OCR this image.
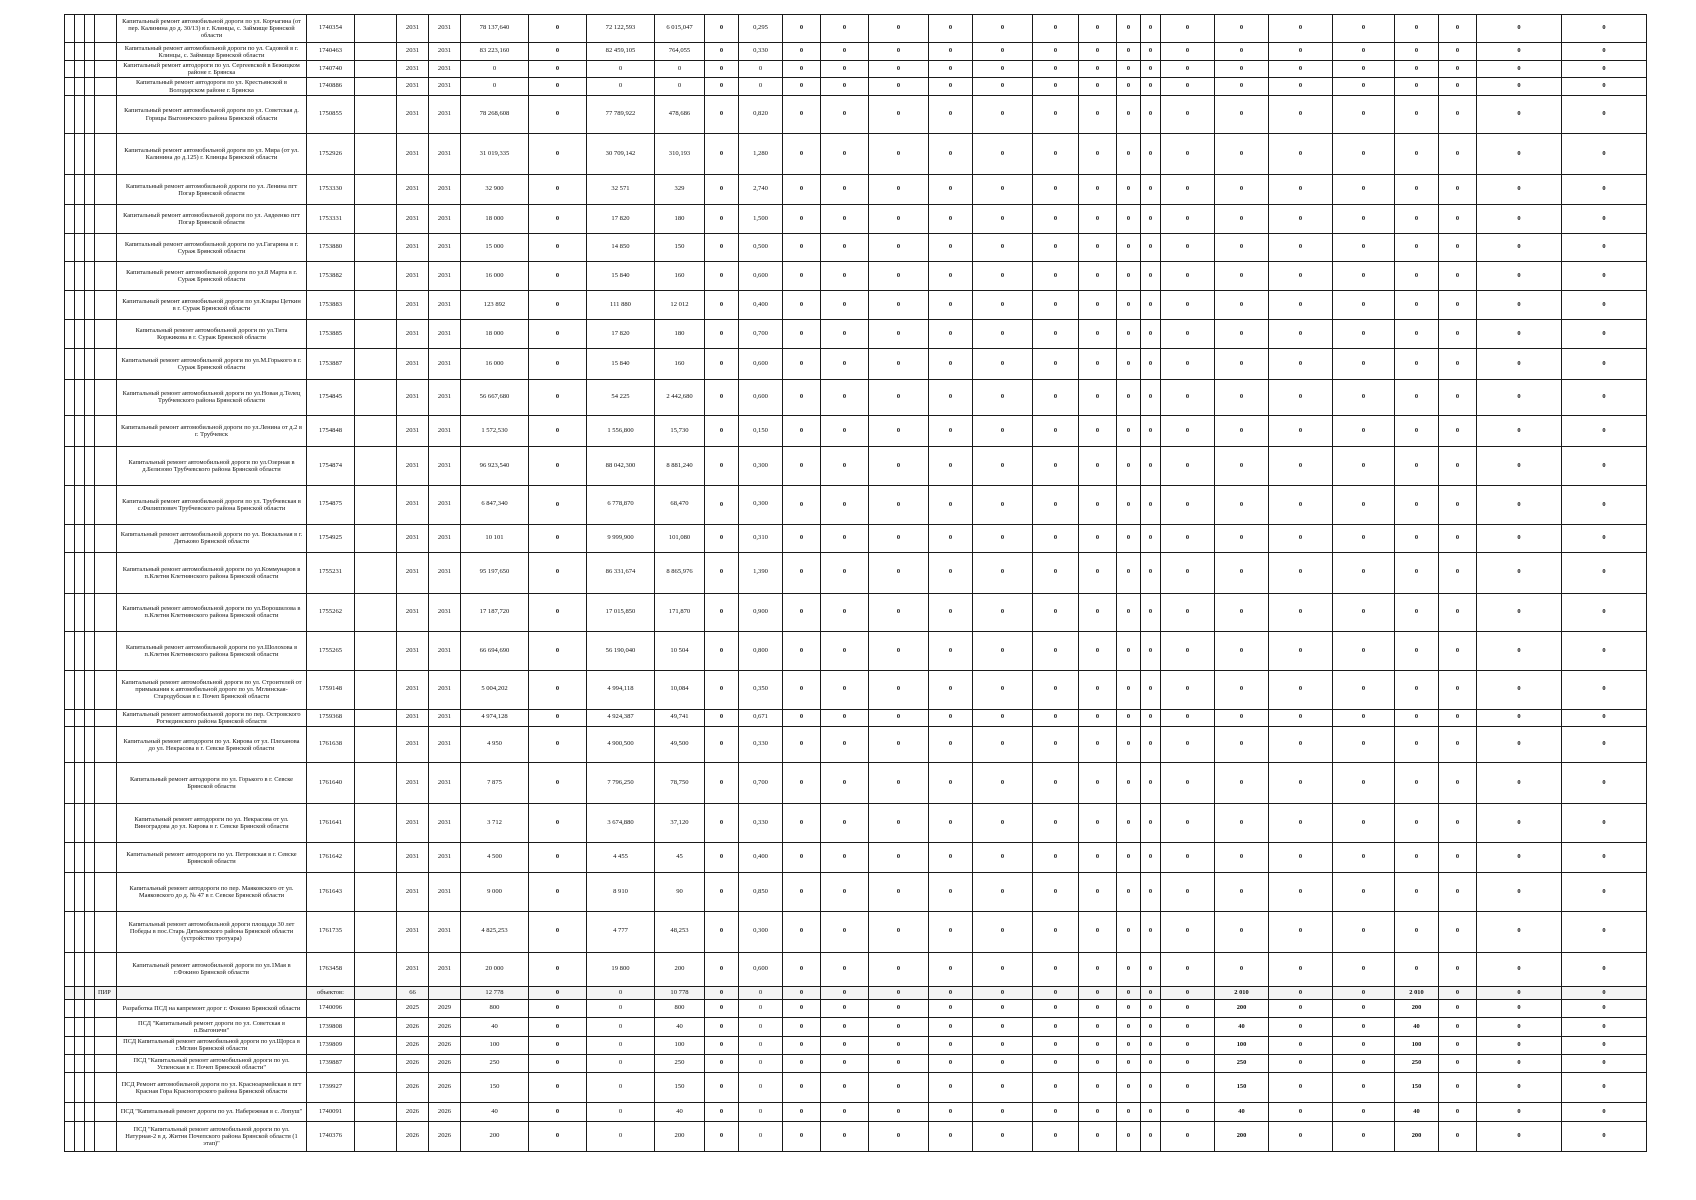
				Капитальный ремонт автомобильной дороги по ул. Корчагина (от пер. Калинина до д. 30/13) в г. Клинцы, с. Займище Брянской области	1740354		2031	2031	78 137,640	0	72 122,593	6 015,047	0	0,295	0	0	0	0	0	0	0	0	0	0	0	0	0	0	0	0	0
				Капитальный ремонт автомобильной дороги по ул. Садовой в г. Клинцы, с. Займище Брянской области	1740463		2031	2031	83 223,160	0	82 459,105	764,055	0	0,330	0	0	0	0	0	0	0	0	0	0	0	0	0	0	0	0	0
				Капитальный ремонт автодороги по ул. Сергеевской в Бежицком районе г. Брянска	1740740		2031	2031	0	0	0	0	0	0	0	0	0	0	0	0	0	0	0	0	0	0	0	0	0	0	0
				Капитальный ремонт автодороги по ул. Крестьянской в Володарском районе г. Брянска	1740886		2031	2031	0	0	0	0	0	0	0	0	0	0	0	0	0	0	0	0	0	0	0	0	0	0	0
				Капитальный ремонт автомобильной дороги по ул. Советская д. Горицы Выгоничского района Брянской области	1750855		2031	2031	78 268,608	0	77 789,922	478,686	0	0,820	0	0	0	0	0	0	0	0	0	0	0	0	0	0	0	0	0
				Капитальный ремонт автомобильной дороги по ул. Мира (от ул. Калинина до д.125) г. Клинцы Брянской области	1752926		2031	2031	31 019,335	0	30 709,142	310,193	0	1,280	0	0	0	0	0	0	0	0	0	0	0	0	0	0	0	0	0
				Капитальный ремонт автомобильной дороги по ул. Ленина пгт Погар Брянской области	1753330		2031	2031	32 900	0	32 571	329	0	2,740	0	0	0	0	0	0	0	0	0	0	0	0	0	0	0	0	0
				Капитальный ремонт автомобильной дороги по ул. Авдеенко пгт Погар Брянской области	1753331		2031	2031	18 000	0	17 820	180	0	1,500	0	0	0	0	0	0	0	0	0	0	0	0	0	0	0	0	0
				Капитальный ремонт автомобильной дороги по ул.Гагарина в г. Сураж Брянской области	1753880		2031	2031	15 000	0	14 850	150	0	0,500	0	0	0	0	0	0	0	0	0	0	0	0	0	0	0	0	0
				Капитальный ремонт автомобильной дороги по ул.8 Марта в г. Сураж Брянской области	1753882		2031	2031	16 000	0	15 840	160	0	0,600	0	0	0	0	0	0	0	0	0	0	0	0	0	0	0	0	0
				Капитальный ремонт автомобильной дороги по ул.Клары Цеткин в г. Сураж Брянской области	1753883		2031	2031	123 892	0	111 880	12 012	0	0,400	0	0	0	0	0	0	0	0	0	0	0	0	0	0	0	0	0
				Капитальный ремонт автомобильной дороги по ул.Тита Коржикова в г. Сураж Брянской области	1753885		2031	2031	18 000	0	17 820	180	0	0,700	0	0	0	0	0	0	0	0	0	0	0	0	0	0	0	0	0
				Капитальный ремонт автомобильной дороги по ул.М.Горького в г. Сураж Брянской области	1753887		2031	2031	16 000	0	15 840	160	0	0,600	0	0	0	0	0	0	0	0	0	0	0	0	0	0	0	0	0
				Капитальный ремонт автомобильной дороги по ул.Новая д.Телец Трубчевского района Брянской области	1754845		2031	2031	56 667,680	0	54 225	2 442,680	0	0,600	0	0	0	0	0	0	0	0	0	0	0	0	0	0	0	0	0
				Капитальный ремонт автомобильной дороги по ул.Ленина от д.2 в г. Трубчевск	1754848		2031	2031	1 572,530	0	1 556,800	15,730	0	0,150	0	0	0	0	0	0	0	0	0	0	0	0	0	0	0	0	0
				Капитальный ремонт автомобильной дороги по ул.Озерная в д.Белизово Трубчевского района Брянской области	1754874		2031	2031	96 923,540	0	88 042,300	8 881,240	0	0,300	0	0	0	0	0	0	0	0	0	0	0	0	0	0	0	0	0
				Капитальный ремонт автомобильной дороги по ул. Трубчевская в с.Филиппович Трубчевского района Брянской области	1754875		2031	2031	6 847,340	0	6 778,870	68,470	0	0,300	0	0	0	0	0	0	0	0	0	0	0	0	0	0	0	0	0
				Капитальный ремонт автомобильной дороги по ул. Вокзальная в г. Дятьково Брянской области	1754925		2031	2031	10 101	0	9 999,900	101,080	0	0,310	0	0	0	0	0	0	0	0	0	0	0	0	0	0	0	0	0
				Капитальный ремонт автомобильной дороги по ул.Коммунаров в п.Клетня Клетнянского района Брянской области	1755231		2031	2031	95 197,650	0	86 331,674	8 865,976	0	1,390	0	0	0	0	0	0	0	0	0	0	0	0	0	0	0	0	0
				Капитальный ремонт автомобильной дороги по ул.Ворошилова в п.Клетня Клетнянского района Брянской области	1755262		2031	2031	17 187,720	0	17 015,850	171,870	0	0,900	0	0	0	0	0	0	0	0	0	0	0	0	0	0	0	0	0
				Капитальный ремонт автомобильной дороги по ул.Шолохова в п.Клетня Клетнянского района Брянской области	1755265		2031	2031	66 694,690	0	56 190,040	10 504	0	0,800	0	0	0	0	0	0	0	0	0	0	0	0	0	0	0	0	0
				Капитальный ремонт автомобильной дороги по ул. Строителей от примыкания к автомобильной дороге по ул. Мглинская-Стародубская в г. Почеп Брянской области	1759148		2031	2031	5 004,202	0	4 994,118	10,084	0	0,350	0	0	0	0	0	0	0	0	0	0	0	0	0	0	0	0	0
				Капитальный ремонт автомобильной дороги по пер. Островского Рогнединского района Брянской области	1759368		2031	2031	4 974,128	0	4 924,387	49,741	0	0,671	0	0	0	0	0	0	0	0	0	0	0	0	0	0	0	0	0
				Капитальный ремонт автодороги по ул. Кирова от ул. Плеханова до ул. Некрасова в г. Севске Брянской области	1761638		2031	2031	4 950	0	4 900,500	49,500	0	0,330	0	0	0	0	0	0	0	0	0	0	0	0	0	0	0	0	0
				Капитальный ремонт автодороги по ул. Горького в г. Севске Брянской области	1761640		2031	2031	7 875	0	7 796,250	78,750	0	0,700	0	0	0	0	0	0	0	0	0	0	0	0	0	0	0	0	0
				Капитальный ремонт автодороги по ул. Некрасова от ул. Виноградова до ул. Кирова в г. Севске Брянской области	1761641		2031	2031	3 712	0	3 674,880	37,120	0	0,330	0	0	0	0	0	0	0	0	0	0	0	0	0	0	0	0	0
				Капитальный ремонт автодороги по ул. Петровская в г. Севске Брянской области	1761642		2031	2031	4 500	0	4 455	45	0	0,400	0	0	0	0	0	0	0	0	0	0	0	0	0	0	0	0	0
				Капитальный ремонт автодороги по пер. Маяковского от ул. Маяковского до д. № 47 в г. Севске Брянской области	1761643		2031	2031	9 000	0	8 910	90	0	0,850	0	0	0	0	0	0	0	0	0	0	0	0	0	0	0	0	0
				Капитальный ремонт автомобильной дороги площади 30 лет Победы в пос.Старь Дятьковского района Брянской области (устройство тротуара)	1761735		2031	2031	4 825,253	0	4 777	48,253	0	0,300	0	0	0	0	0	0	0	0	0	0	0	0	0	0	0	0	0
				Капитальный ремонт автомобильной дороги по ул.1Мая в г.Фокино Брянской области	1763458		2031	2031	20 000	0	19 800	200	0	0,600	0	0	0	0	0	0	0	0	0	0	0	0	0	0	0	0	0
			ПИР		объектов:		66		12 778	0	0	10 778	0	0	0	0	0	0	0	0	0	0	0	0	2 010	0	0	2 010	0	0	0
				Разработка ПСД на капремонт дорог г. Фокино Брянской области	1740096		2025	2029	800	0	0	800	0	0	0	0	0	0	0	0	0	0	0	0	200	0	0	200	0	0	0
				ПСД "Капитальный ремонт дороги по ул. Советская в п.Выгоничи"	1739808		2026	2026	40	0	0	40	0	0	0	0	0	0	0	0	0	0	0	0	40	0	0	40	0	0	0
				ПСД Капитальный ремонт автомобильной дороги по ул.Щорса в г.Мглин Брянской области	1739809		2026	2026	100	0	0	100	0	0	0	0	0	0	0	0	0	0	0	0	100	0	0	100	0	0	0
				ПСД "Капитальный ремонт автомобильной дороги по ул. Успенская в г. Почеп Брянской области"	1739887		2026	2026	250	0	0	250	0	0	0	0	0	0	0	0	0	0	0	0	250	0	0	250	0	0	0
				ПСД Ремонт автомобильной дороги по ул. Красноармейская в пгт Красная Гора Красногорского района Брянской области	1739927		2026	2026	150	0	0	150	0	0	0	0	0	0	0	0	0	0	0	0	150	0	0	150	0	0	0
				ПСД "Капитальный ремонт дороги по ул. Набережная в с. Лопуш"	1740091		2026	2026	40	0	0	40	0	0	0	0	0	0	0	0	0	0	0	0	40	0	0	40	0	0	0
				ПСД "Капитальный ремонт автомобильной дороги по ул. Натурная-2 в д. Житня Почепского района Брянской области (1 этап)"	1740376		2026	2026	200	0	0	200	0	0	0	0	0	0	0	0	0	0	0	0	200	0	0	200	0	0	0
